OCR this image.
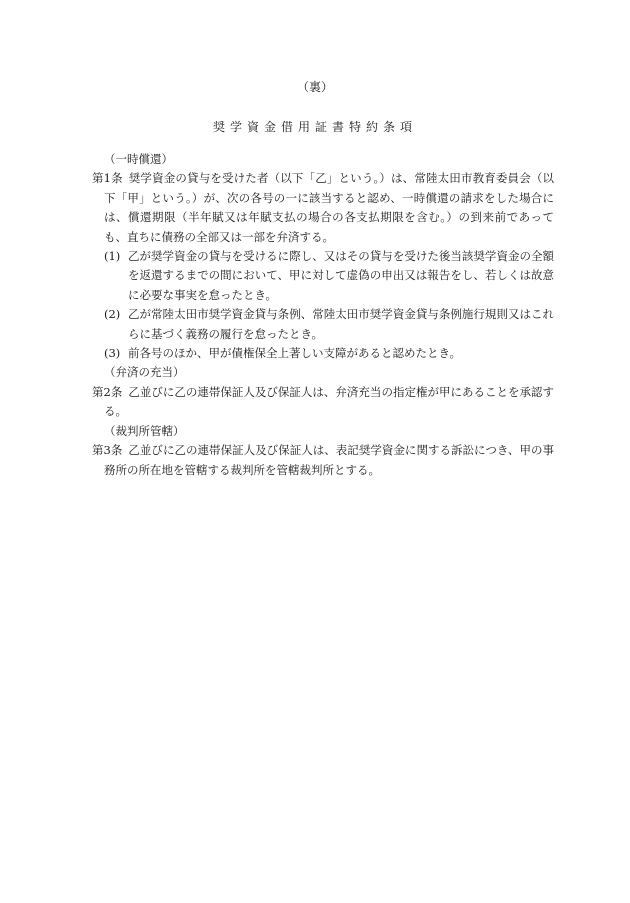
（裏）
奨学資金借用証書特約条項
（一時償還）
第1条 奨学資金の貸与を受けた者（以下「乙」という。）は、常陸太田市教育委員会（以下「甲」という。）が、次の各号の一に該当すると認め、一時償還の請求をした場合には、償還期限（半年賦又は年賦支払の場合の各支払期限を含む。）の到来前であっても、直ちに債務の全部又は一部を弁済する。
(1) 乙が奨学資金の貸与を受けるに際し、又はその貸与を受けた後当該奨学資金の全額を返還するまでの間において、甲に対して虚偽の申出又は報告をし、若しくは故意に必要な事実を怠ったとき。
(2) 乙が常陸太田市奨学資金貸与条例、常陸太田市奨学資金貸与条例施行規則又はこれらに基づく義務の履行を怠ったとき。
(3) 前各号のほか、甲が債権保全上著しい支障があると認めたとき。
（弁済の充当）
第2条 乙並びに乙の連帯保証人及び保証人は、弁済充当の指定権が甲にあることを承認する。
（裁判所管轄）
第3条 乙並びに乙の連帯保証人及び保証人は、表記奨学資金に関する訴訟につき、甲の事務所の所在地を管轄する裁判所を管轄裁判所とする。
